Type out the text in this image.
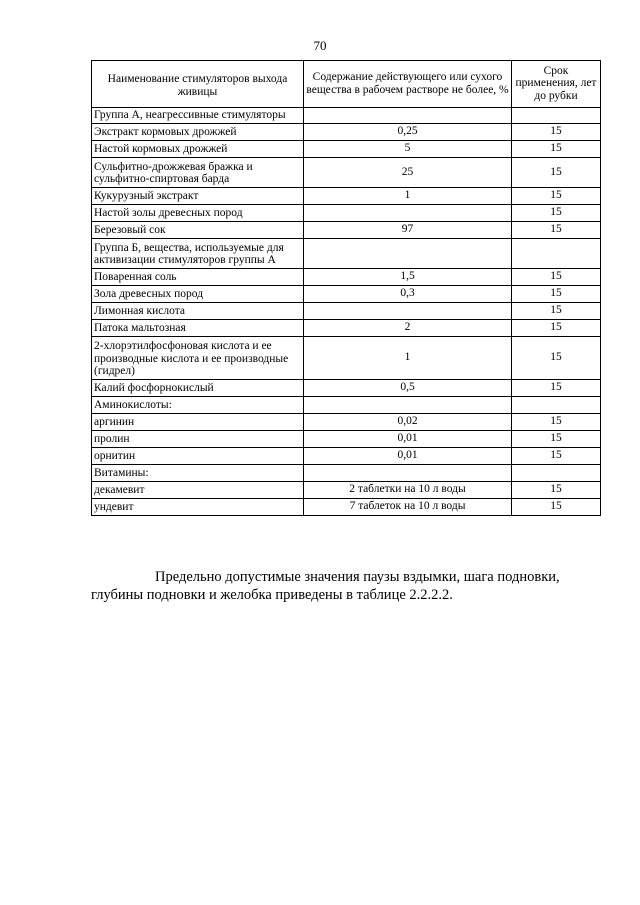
70
Наименование стимуляторов выхода живицы	Содержание действующего или сухого вещества в рабочем растворе не более, %	Срок применения, лет до рубки
Группа А, неагрессивные стимуляторы		
Экстракт кормовых дрожжей	0,25	15
Настой кормовых дрожжей	5	15
Сульфитно-дрожжевая бражка и сульфитно-спиртовая барда	25	15
Кукурузный экстракт	1	15
Настой золы древесных пород		15
Березовый сок	97	15
Группа Б, вещества, используемые для активизации стимуляторов группы А		
Поваренная соль	1,5	15
Зола древесных пород	0,3	15
Лимонная кислота		15
Патока мальтозная	2	15
2-хлорэтилфосфоновая кислота и ее производные кислота и ее производные (гидрел)	1	15
Калий фосфорнокислый	0,5	15
Аминокислоты:		
аргинин	0,02	15
пролин	0,01	15
орнитин	0,01	15
Витамины:		
декамевит	2 таблетки на 10 л воды	15
ундевит	7 таблеток на 10 л воды	15
Предельно допустимые значения паузы вздымки, шага подновки,
глубины подновки и желобка приведены в таблице 2.2.2.2.
